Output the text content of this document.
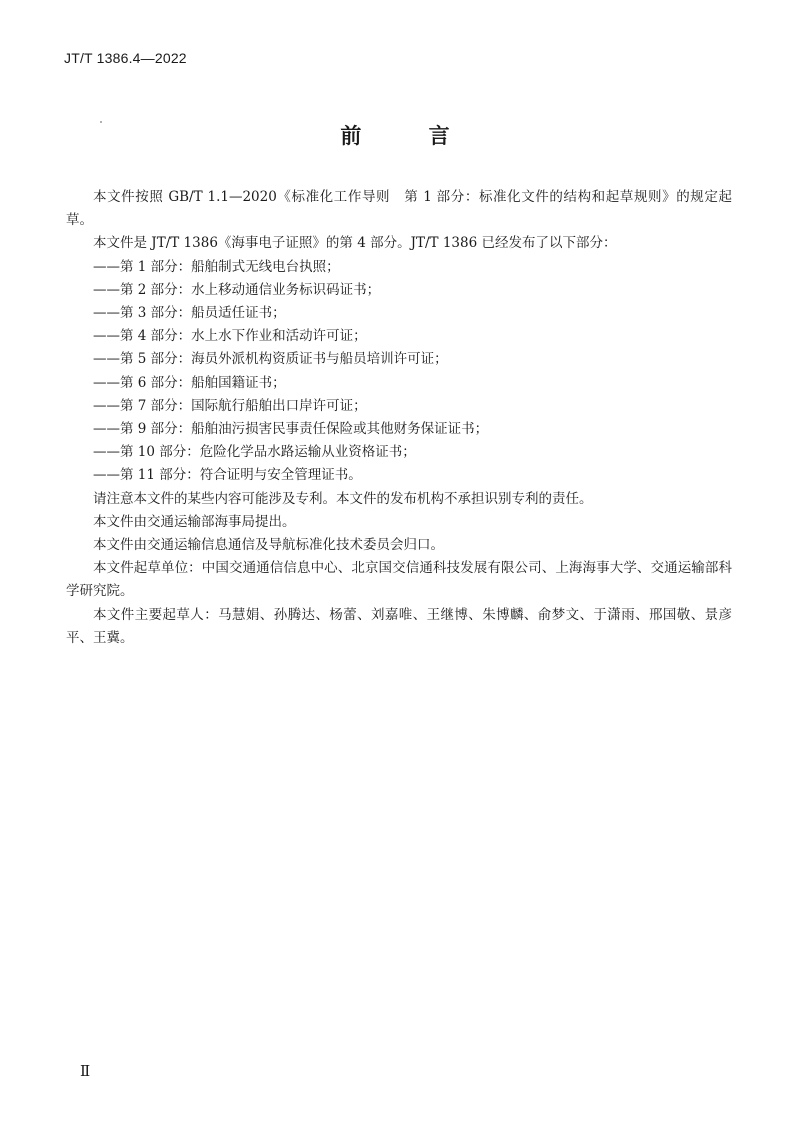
JT/T 1386.4—2022
前 言

本文件按照 GB/T 1.1—2020《标准化工作导则　第 1 部分：标准化文件的结构和起草规则》的规定起草。

本文件是 JT/T 1386《海事电子证照》的第 4 部分。JT/T 1386 已经发布了以下部分：

——第 1 部分：船舶制式无线电台执照；

——第 2 部分：水上移动通信业务标识码证书；

——第 3 部分：船员适任证书；

——第 4 部分：水上水下作业和活动许可证；

——第 5 部分：海员外派机构资质证书与船员培训许可证；

——第 6 部分：船舶国籍证书；

——第 7 部分：国际航行船舶出口岸许可证；

——第 9 部分：船舶油污损害民事责任保险或其他财务保证证书；

——第 10 部分：危险化学品水路运输从业资格证书；

——第 11 部分：符合证明与安全管理证书。

请注意本文件的某些内容可能涉及专利。本文件的发布机构不承担识别专利的责任。

本文件由交通运输部海事局提出。

本文件由交通运输信息通信及导航标准化技术委员会归口。

本文件起草单位：中国交通通信信息中心、北京国交信通科技发展有限公司、上海海事大学、交通运输部科学研究院。

本文件主要起草人：马慧娟、孙腾达、杨蕾、刘嘉唯、王继博、朱博麟、俞梦文、于潇雨、邢国敬、景彦平、王冀。

Ⅱ
